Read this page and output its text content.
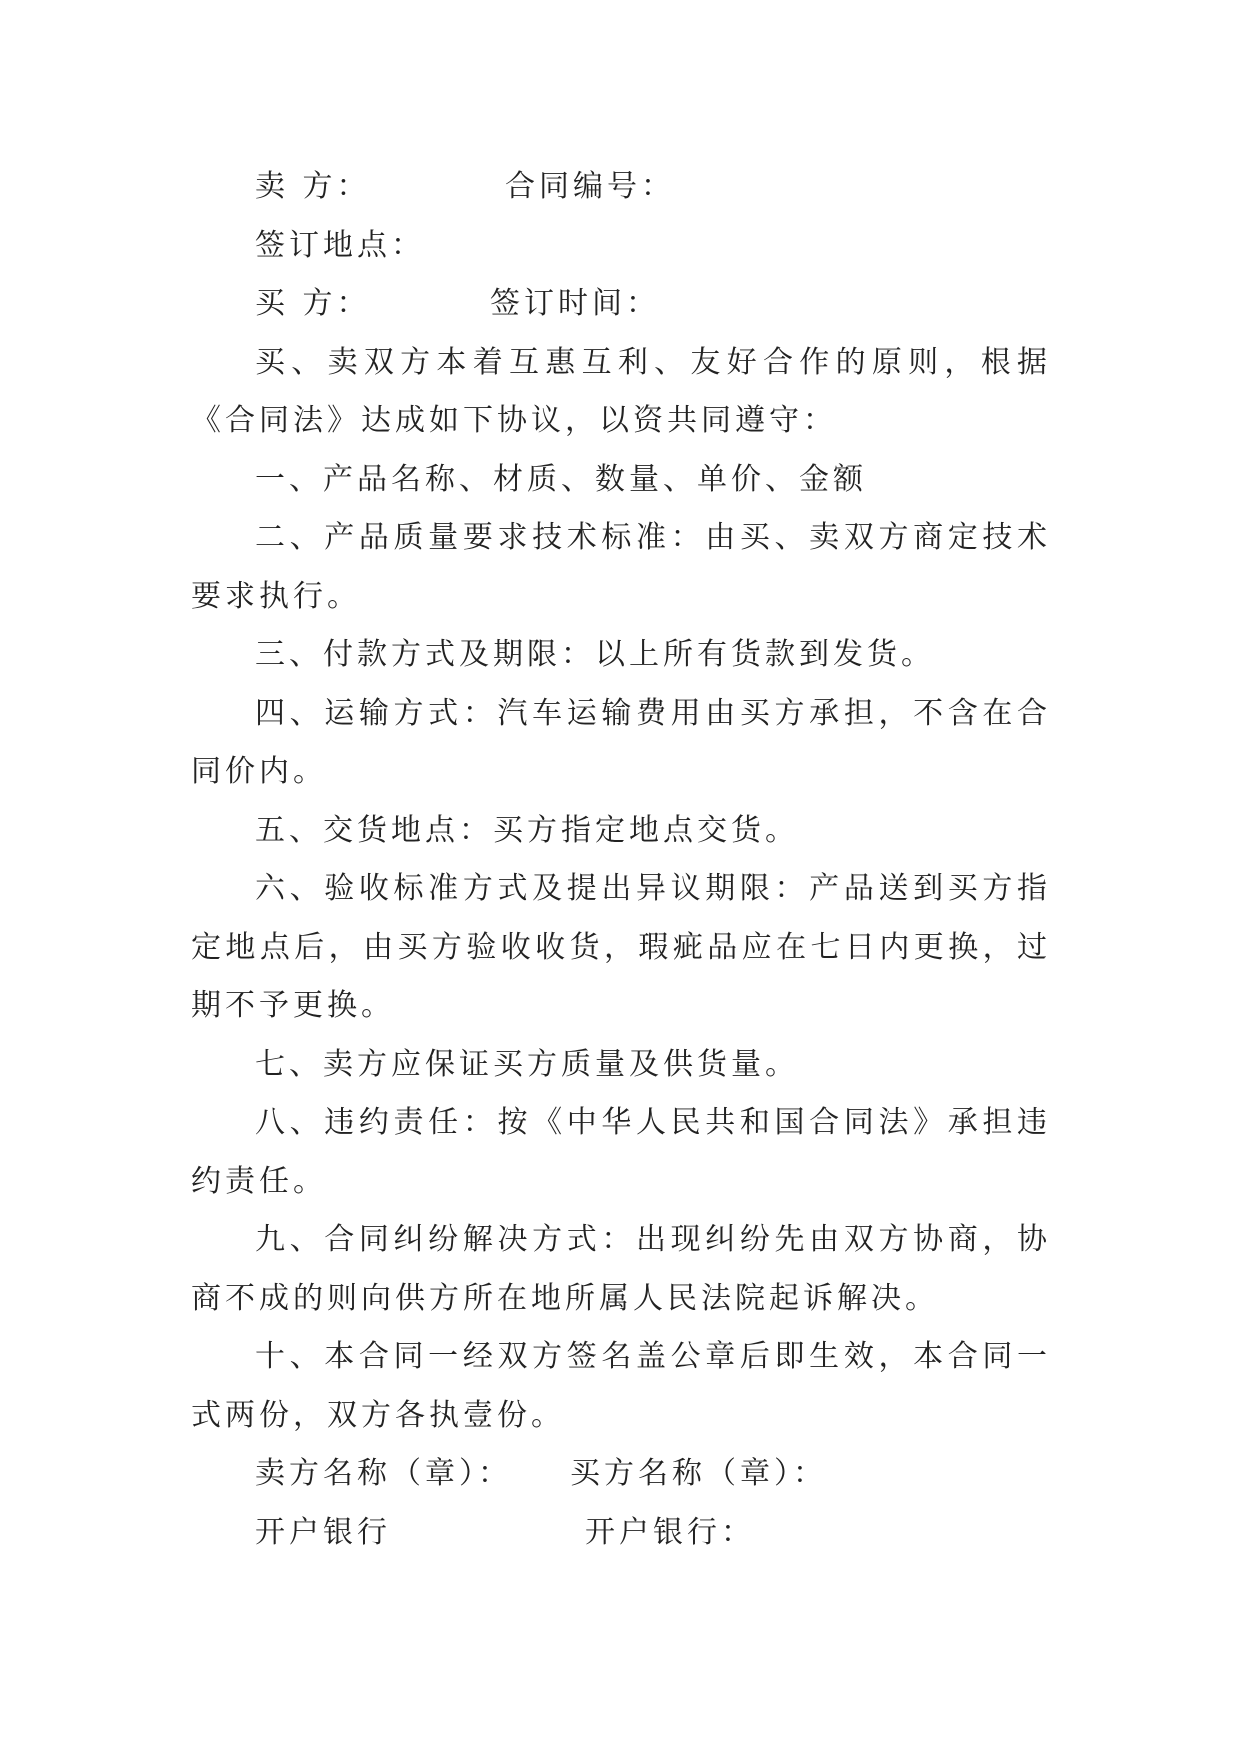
卖 方：	合同编号：
签订地点：
买 方：	签订时间：
买、卖双方本着互惠互利、友好合作的原则，根据《合同法》达成如下协议，以资共同遵守：
一、产品名称、材质、数量、单价、金额
二、产品质量要求技术标准：由买、卖双方商定技术要求执行。
三、付款方式及期限：以上所有货款到发货。
四、运输方式：汽车运输费用由买方承担，不含在合同价内。
五、交货地点：买方指定地点交货。
六、验收标准方式及提出异议期限：产品送到买方指定地点后，由买方验收收货，瑕疵品应在七日内更换，过期不予更换。
七、卖方应保证买方质量及供货量。
八、违约责任：按《中华人民共和国合同法》承担违约责任。
九、合同纠纷解决方式：出现纠纷先由双方协商，协商不成的则向供方所在地所属人民法院起诉解决。
十、本合同一经双方签名盖公章后即生效，本合同一式两份，双方各执壹份。
卖方名称（章）： 买方名称（章）：
开户银行	开户银行：
